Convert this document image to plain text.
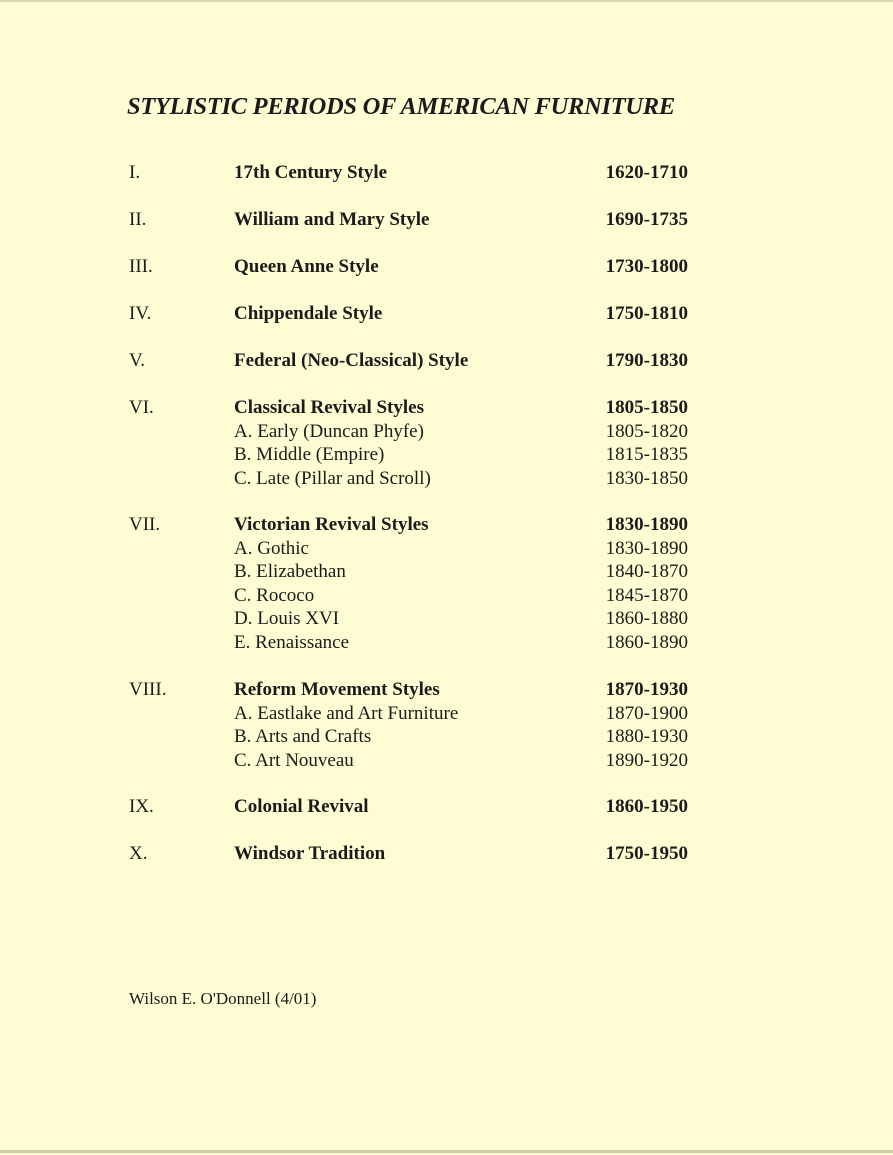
STYLISTIC PERIODS OF AMERICAN FURNITURE
I.	17th Century Style	1620-1710
II.	William and Mary Style	1690-1735
III.	Queen Anne Style	1730-1800
IV.	Chippendale Style	1750-1810
V.	Federal (Neo-Classical) Style	1790-1830
VI.	Classical Revival Styles	1805-1850
A. Early (Duncan Phyfe)	1805-1820
B. Middle (Empire)	1815-1835
C. Late (Pillar and Scroll)	1830-1850
VII.	Victorian Revival Styles	1830-1890
A. Gothic	1830-1890
B. Elizabethan	1840-1870
C. Rococo	1845-1870
D. Louis XVI	1860-1880
E. Renaissance	1860-1890
VIII.	Reform Movement Styles	1870-1930
A. Eastlake and Art Furniture	1870-1900
B. Arts and Crafts	1880-1930
C. Art Nouveau	1890-1920
IX.	Colonial Revival	1860-1950
X.	Windsor Tradition	1750-1950
Wilson E. O'Donnell (4/01)
